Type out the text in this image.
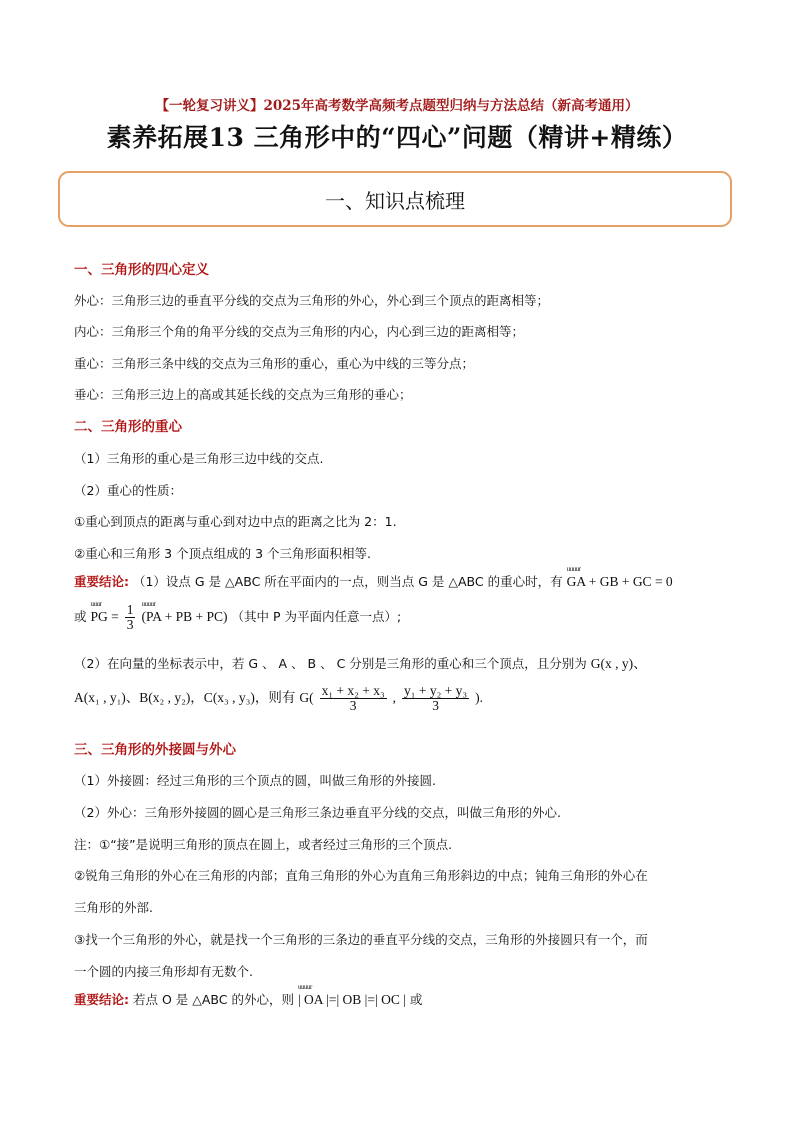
【一轮复习讲义】2025年高考数学高频考点题型归纳与方法总结（新高考通用）
素养拓展13 三角形中的“四心”问题（精讲+精练）
一、知识点梳理
一、三角形的四心定义
外心：三角形三边的垂直平分线的交点为三角形的外心，外心到三个顶点的距离相等；
内心：三角形三个角的角平分线的交点为三角形的内心，内心到三边的距离相等；
重心：三角形三条中线的交点为三角形的重心，重心为中线的三等分点；
垂心：三角形三边上的高或其延长线的交点为三角形的垂心；
二、三角形的重心
（1）三角形的重心是三角形三边中线的交点.
（2）重心的性质：
①重心到顶点的距离与重心到对边中点的距离之比为 2：1.
②重心和三角形 3 个顶点组成的 3 个三角形面积相等.
重要结论: （1）设点 G 是 △ABC 所在平面内的一点，则当点 G 是 △ABC 的重心时，有 uuuur GA + GB + GC = 0
或 uuur PG = $\frac{1}{3}$ uuuur (PA + PB + PC) （其中 P 为平面内任意一点）;
（2）在向量的坐标表示中，若 G 、 A 、 B 、 C 分别是三角形的重心和三个顶点，且分别为 G(x , y)、
A(x₁ , y₁)、B(x₂ , y₂)，C(x₃ , y₃)，则有 $G( \frac{\text{x₁ + x₂ + x₃}}{3}$ , $\frac{\text{y₁ + y₂ + y₃}}{3}$ ).
三、三角形的外接圆与外心
（1）外接圆：经过三角形的三个顶点的圆，叫做三角形的外接圆.
（2）外心：三角形外接圆的圆心是三角形三条边垂直平分线的交点，叫做三角形的外心.
注：①“接”是说明三角形的顶点在圆上，或者经过三角形的三个顶点.
②锐角三角形的外心在三角形的内部；直角三角形的外心为直角三角形斜边的中点；钝角三角形的外心在
三角形的外部.
③找一个三角形的外心，就是找一个三角形的三条边的垂直平分线的交点，三角形的外接圆只有一个，而
一个圆的内接三角形却有无数个.
重要结论: 若点 O 是 △ABC 的外心，则 uuuur | OA |=| OB |=| OC | 或
